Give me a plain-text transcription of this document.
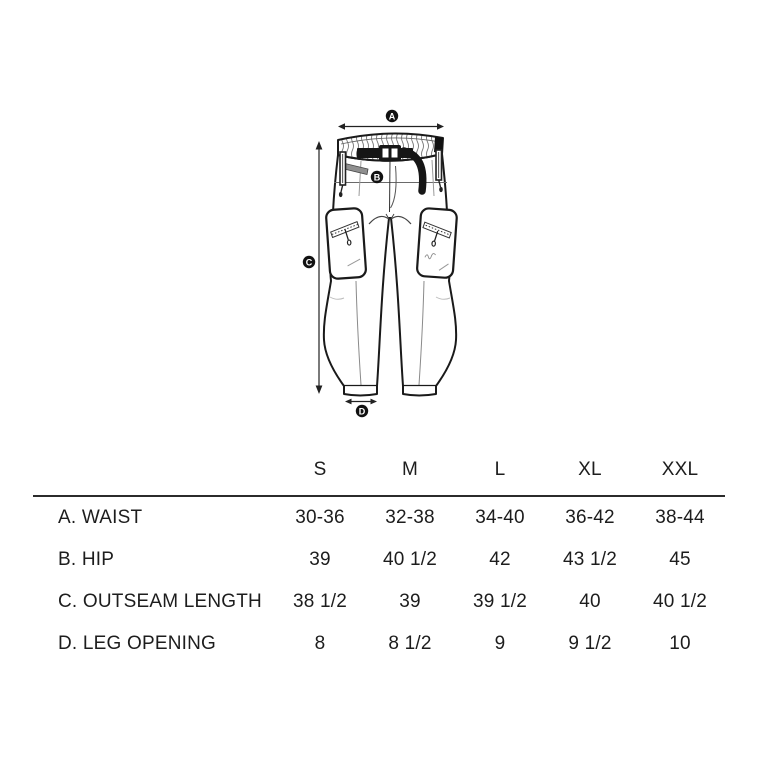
A
B
C
D
	S	M	L	XL	XXL
A. WAIST	30-36	32-38	34-40	36-42	38-44
B. HIP	39	40 1/2	42	43 1/2	45
C. OUTSEAM LENGTH	38 1/2	39	39 1/2	40	40 1/2
D. LEG OPENING	8	8 1/2	9	9 1/2	10
